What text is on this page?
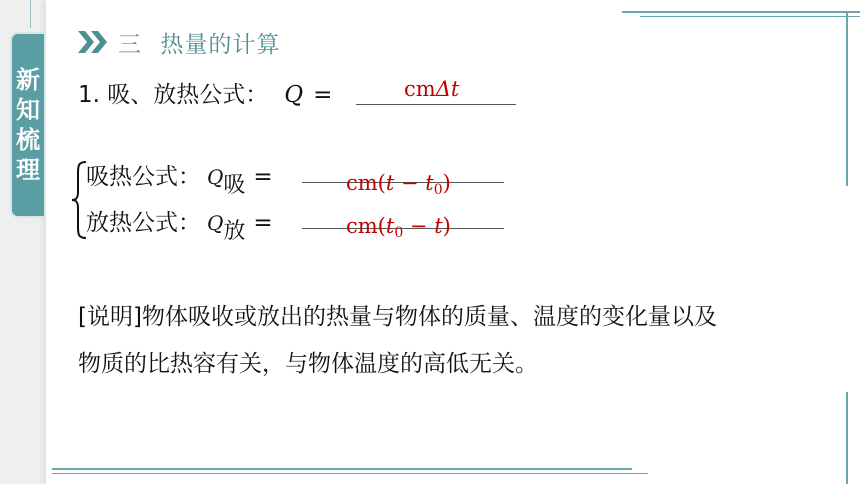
新
知
梳
理
三 热量的计算
1. 吸、放热公式： Q =	cmΔt
吸热公式： Q 吸 =	cm(t − t0)
放热公式： Q 放 =	cm(t0 − t)
[说明]物体吸收或放出的热量与物体的质量、温度的变化量以及
物质的比热容有关，与物体温度的高低无关。
